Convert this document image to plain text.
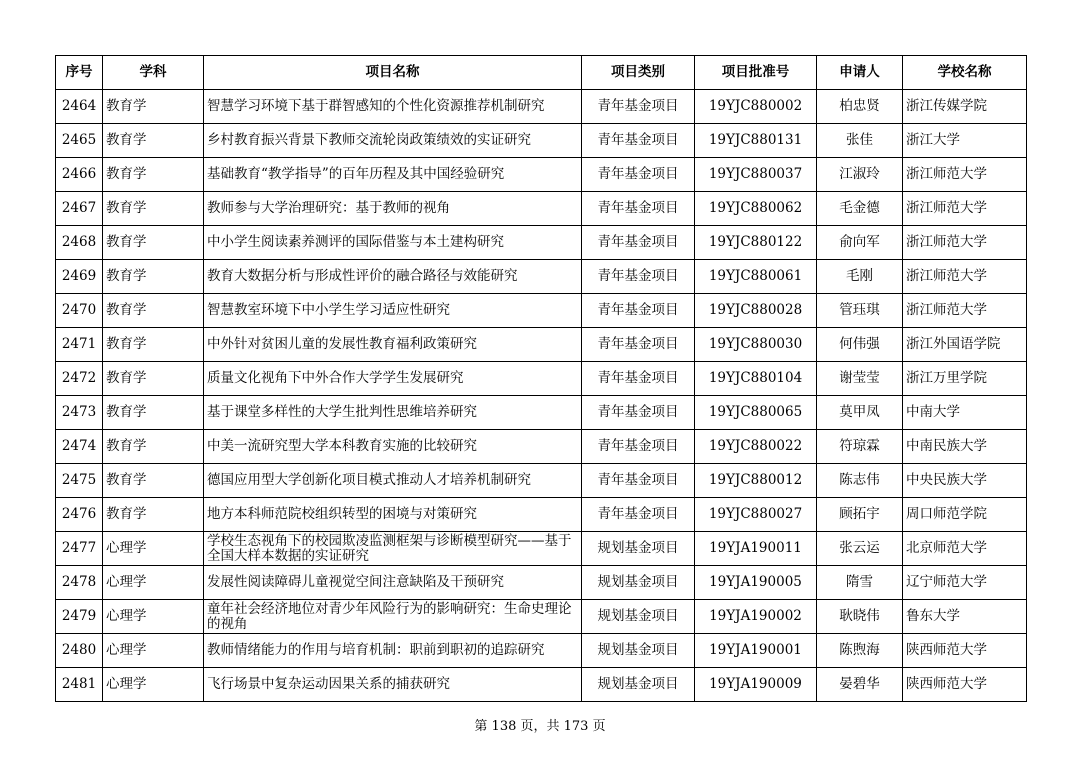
序号	学科	项目名称	项目类别	项目批准号	申请人	学校名称
2464	教育学	智慧学习环境下基于群智感知的个性化资源推荐机制研究	青年基金项目	19YJC880002	柏忠贤	浙江传媒学院
2465	教育学	乡村教育振兴背景下教师交流轮岗政策绩效的实证研究	青年基金项目	19YJC880131	张佳	浙江大学
2466	教育学	基础教育“教学指导”的百年历程及其中国经验研究	青年基金项目	19YJC880037	江淑玲	浙江师范大学
2467	教育学	教师参与大学治理研究：基于教师的视角	青年基金项目	19YJC880062	毛金德	浙江师范大学
2468	教育学	中小学生阅读素养测评的国际借鉴与本土建构研究	青年基金项目	19YJC880122	俞向军	浙江师范大学
2469	教育学	教育大数据分析与形成性评价的融合路径与效能研究	青年基金项目	19YJC880061	毛刚	浙江师范大学
2470	教育学	智慧教室环境下中小学生学习适应性研究	青年基金项目	19YJC880028	管珏琪	浙江师范大学
2471	教育学	中外针对贫困儿童的发展性教育福利政策研究	青年基金项目	19YJC880030	何伟强	浙江外国语学院
2472	教育学	质量文化视角下中外合作大学学生发展研究	青年基金项目	19YJC880104	谢莹莹	浙江万里学院
2473	教育学	基于课堂多样性的大学生批判性思维培养研究	青年基金项目	19YJC880065	莫甲凤	中南大学
2474	教育学	中美一流研究型大学本科教育实施的比较研究	青年基金项目	19YJC880022	符琼霖	中南民族大学
2475	教育学	德国应用型大学创新化项目模式推动人才培养机制研究	青年基金项目	19YJC880012	陈志伟	中央民族大学
2476	教育学	地方本科师范院校组织转型的困境与对策研究	青年基金项目	19YJC880027	顾拓宇	周口师范学院
2477	心理学	学校生态视角下的校园欺凌监测框架与诊断模型研究——基于全国大样本数据的实证研究	规划基金项目	19YJA190011	张云运	北京师范大学
2478	心理学	发展性阅读障碍儿童视觉空间注意缺陷及干预研究	规划基金项目	19YJA190005	隋雪	辽宁师范大学
2479	心理学	童年社会经济地位对青少年风险行为的影响研究：生命史理论的视角	规划基金项目	19YJA190002	耿晓伟	鲁东大学
2480	心理学	教师情绪能力的作用与培育机制：职前到职初的追踪研究	规划基金项目	19YJA190001	陈煦海	陕西师范大学
2481	心理学	飞行场景中复杂运动因果关系的捕获研究	规划基金项目	19YJA190009	晏碧华	陕西师范大学
第 138 页，共 173 页
